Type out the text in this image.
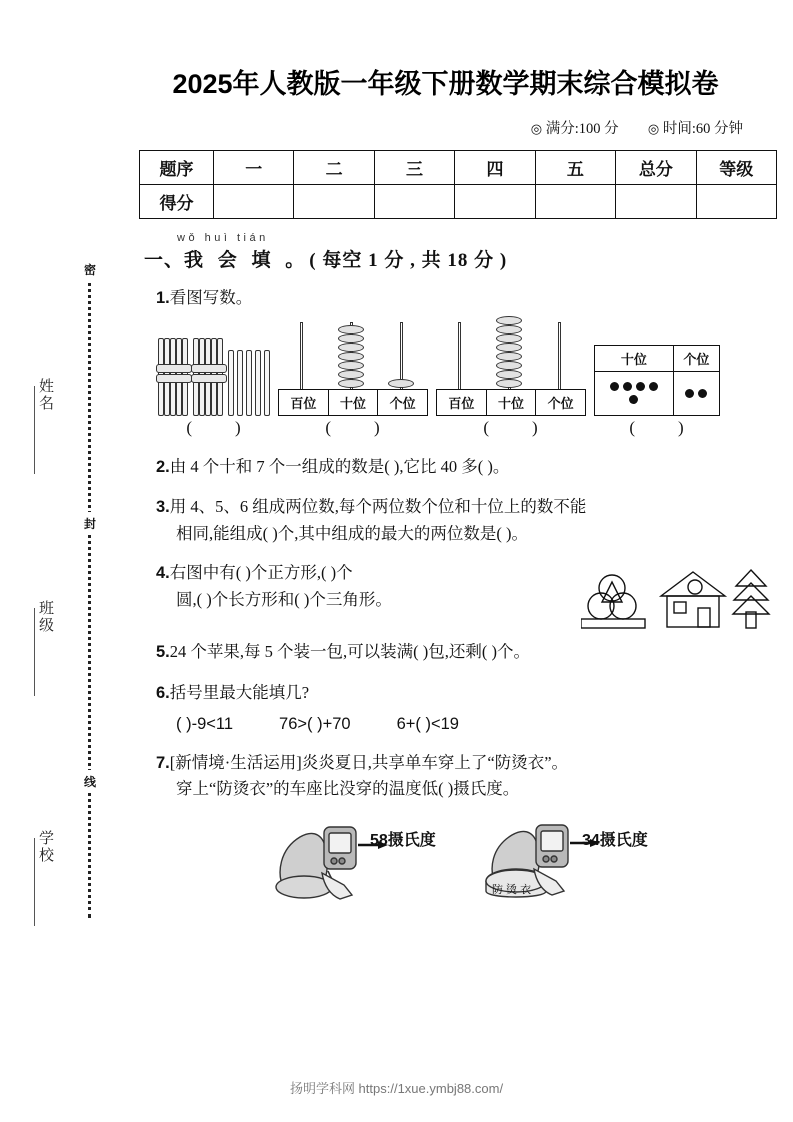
密
封
线
姓名
班级
学校
2025年人教版一年级下册数学期末综合模拟卷
◎ 满分:100 分 ◎ 时间:60 分钟
题序	一	二	三	四	五	总分	等级
得分							
wǒ huì tián
一、我 会 填 。( 每空 1 分 , 共 18 分 )
1.看图写数。
( )
百位	十位	个位
( )
百位	十位	个位
( )
十位	个位

( )
2.由 4 个十和 7 个一组成的数是( ),它比 40 多( )。
3.用 4、5、6 组成两位数,每个两位数个位和十位上的数不能
相同,能组成( )个,其中组成的最大的两位数是( )。
4.右图中有( )个正方形,( )个
圆,( )个长方形和( )个三角形。
5.24 个苹果,每 5 个装一包,可以装满( )包,还剩( )个。
6.括号里最大能填几?
( )-9<11	76>( )+70	6+( )<19
7.[新情境·生活运用]炎炎夏日,共享单车穿上了“防烫衣”。
穿上“防烫衣”的车座比没穿的温度低( )摄氏度。
58摄氏度
防 烫 衣
34摄氏度
扬明学科网 https://1xue.ymbj88.com/
